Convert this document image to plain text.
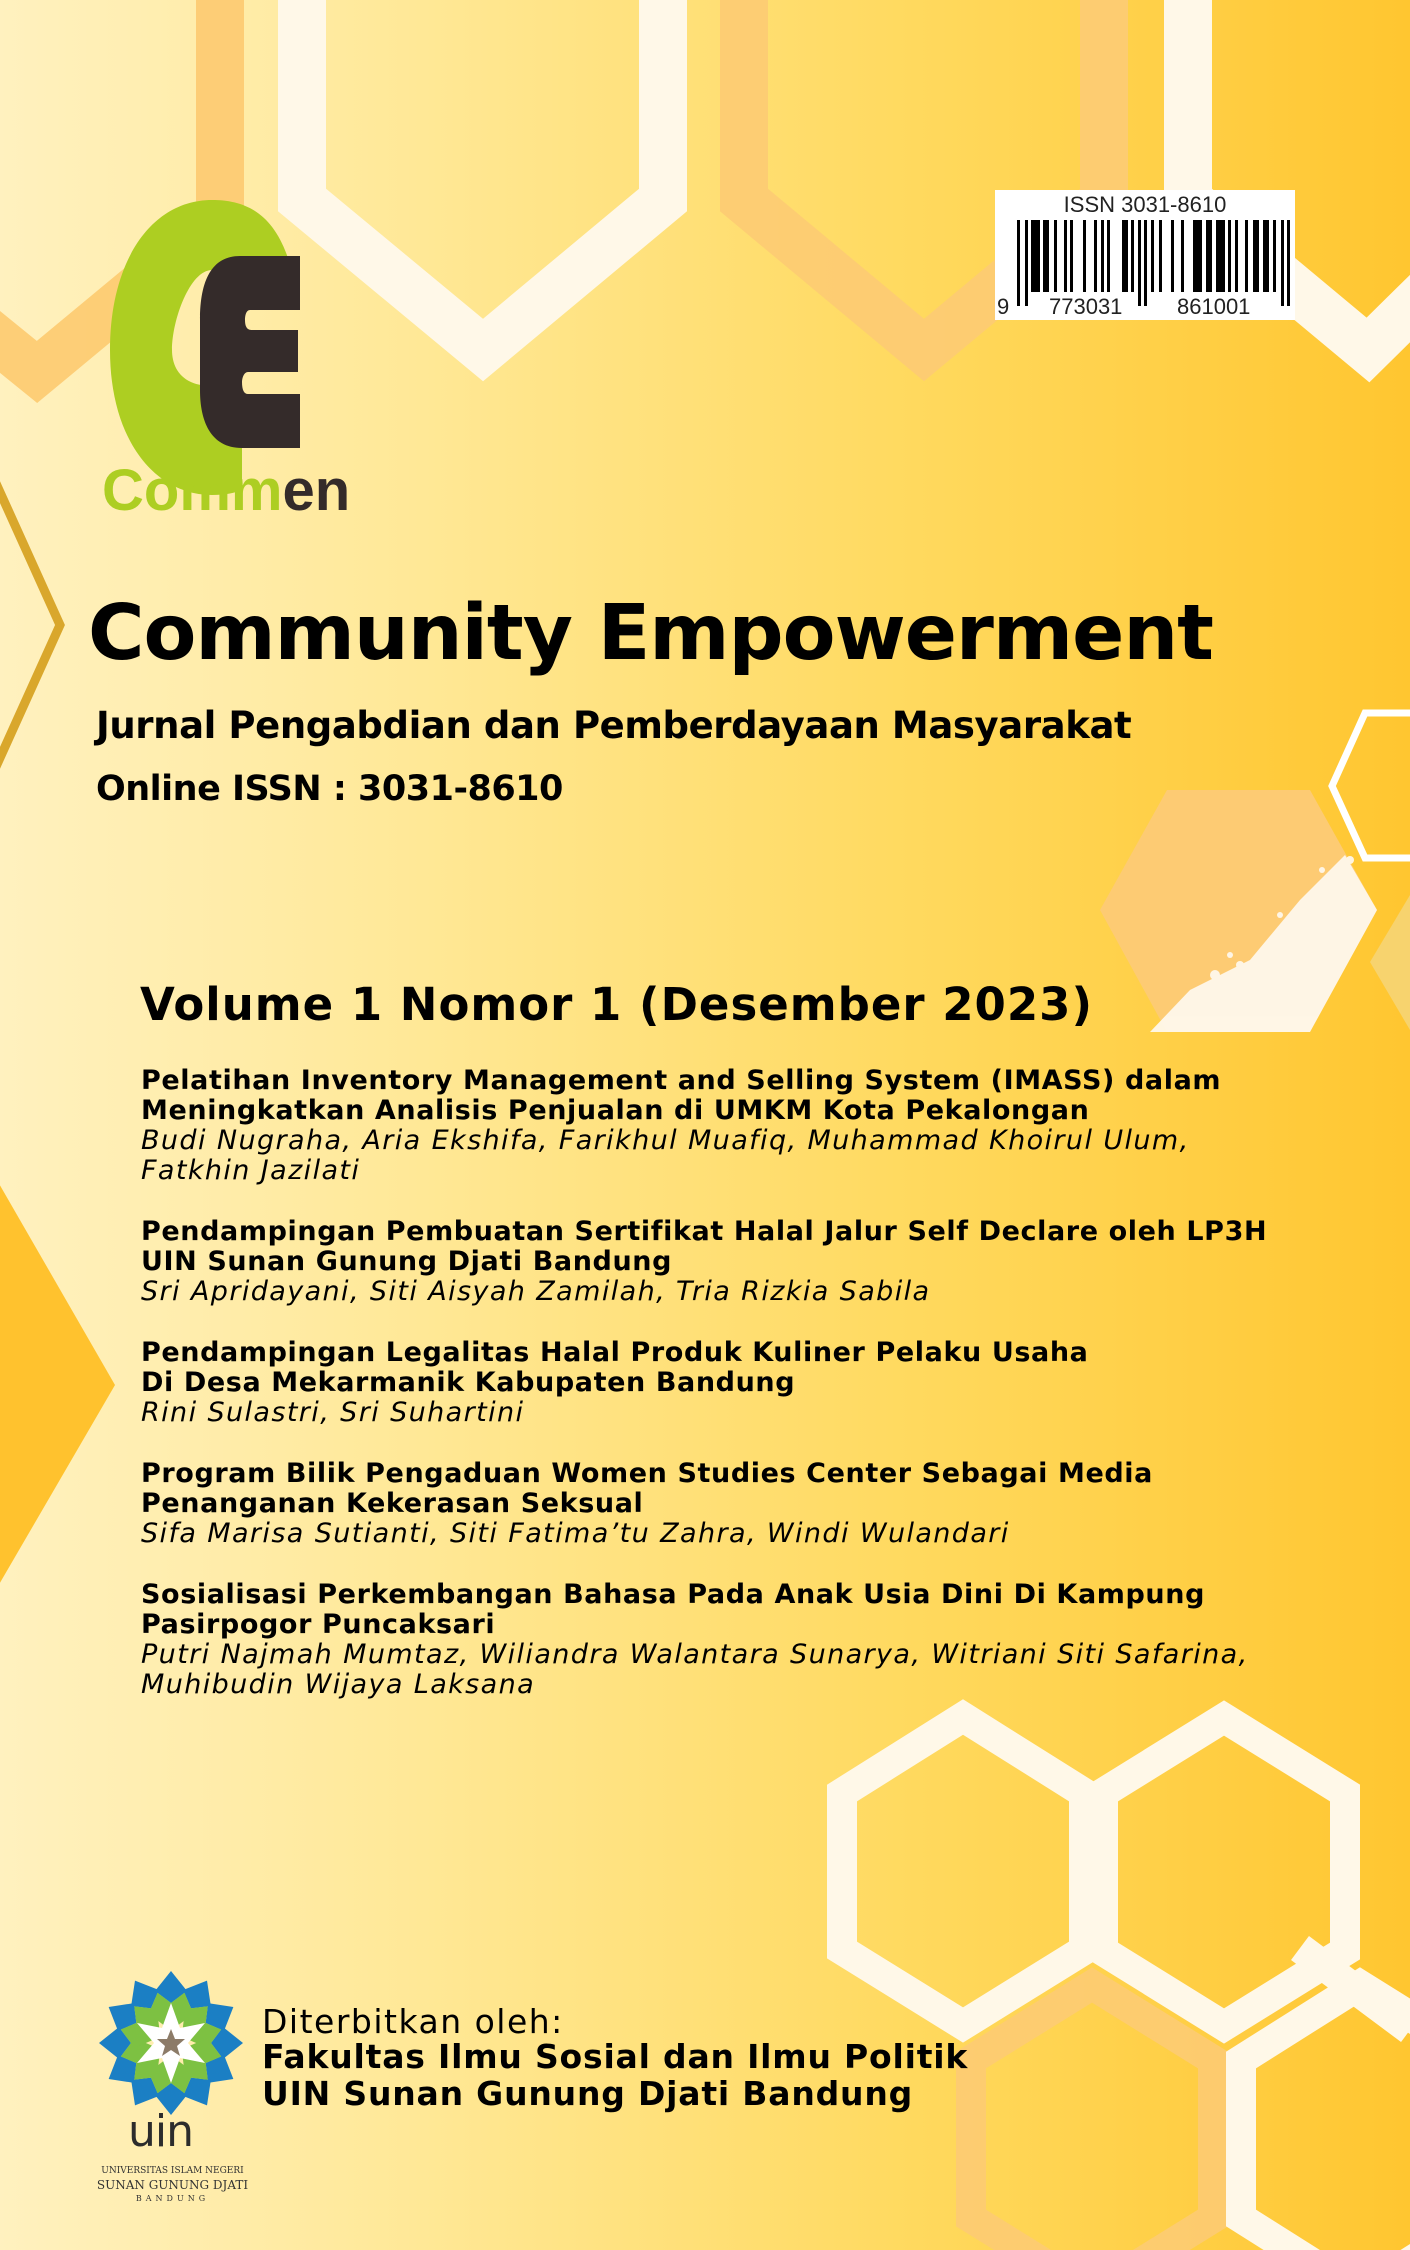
Commen
ISSN 3031-8610
9 773031 861001
Community Empowerment
Jurnal Pengabdian dan Pemberdayaan Masyarakat
Online ISSN : 3031-8610
Volume 1 Nomor 1 (Desember 2023)
Pelatihan Inventory Management and Selling System (IMASS) dalam
Meningkatkan Analisis Penjualan di UMKM Kota Pekalongan
Budi Nugraha, Aria Ekshifa, Farikhul Muafiq, Muhammad Khoirul Ulum,
Fatkhin Jazilati
Pendampingan Pembuatan Sertifikat Halal Jalur Self Declare oleh LP3H
UIN Sunan Gunung Djati Bandung
Sri Apridayani, Siti Aisyah Zamilah, Tria Rizkia Sabila
Pendampingan Legalitas Halal Produk Kuliner Pelaku Usaha
Di Desa Mekarmanik Kabupaten Bandung
Rini Sulastri, Sri Suhartini
Program Bilik Pengaduan Women Studies Center Sebagai Media
Penanganan Kekerasan Seksual
Sifa Marisa Sutianti, Siti Fatima’tu Zahra, Windi Wulandari
Sosialisasi Perkembangan Bahasa Pada Anak Usia Dini Di Kampung
Pasirpogor Puncaksari
Putri Najmah Mumtaz, Wiliandra Walantara Sunarya, Witriani Siti Safarina,
Muhibudin Wijaya Laksana
uin
UNIVERSITAS ISLAM NEGERI
SUNAN GUNUNG DJATI
BANDUNG
Diterbitkan oleh:
Fakultas Ilmu Sosial dan Ilmu Politik
UIN Sunan Gunung Djati Bandung
